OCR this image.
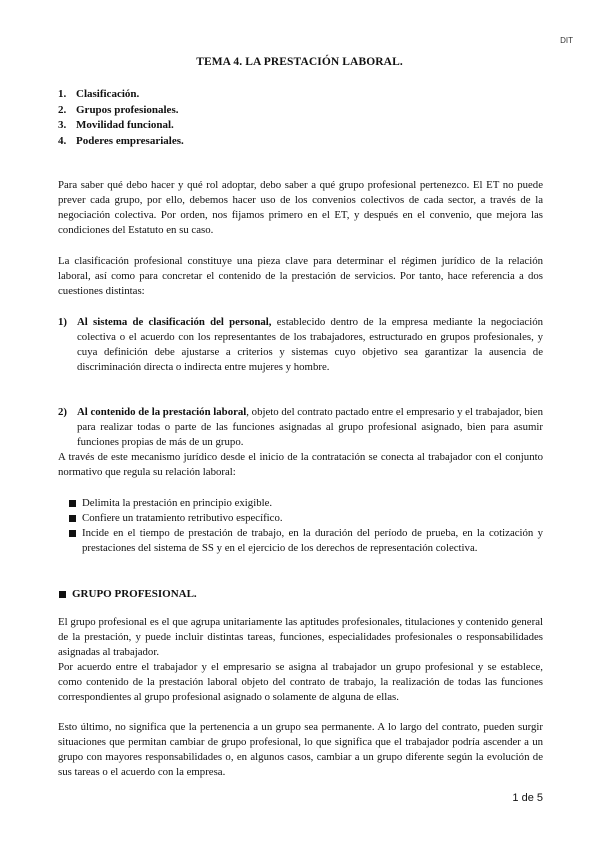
DIT
TEMA 4. LA PRESTACIÓN LABORAL.
1. Clasificación.
2. Grupos profesionales.
3. Movilidad funcional.
4. Poderes empresariales.

Para saber qué debo hacer y qué rol adoptar, debo saber a qué grupo profesional pertenezco. El ET no puede prever cada grupo, por ello, debemos hacer uso de los convenios colectivos de cada sector, a través de la negociación colectiva. Por orden, nos fijamos primero en el ET, y después en el convenio, que mejora las condiciones del Estatuto en su caso.

La clasificación profesional constituye una pieza clave para determinar el régimen jurídico de la relación laboral, así como para concretar el contenido de la prestación de servicios. Por tanto, hace referencia a dos cuestiones distintas:

1) Al sistema de clasificación del personal, establecido dentro de la empresa mediante la negociación colectiva o el acuerdo con los representantes de los trabajadores, estructurado en grupos profesionales, y cuya definición debe ajustarse a criterios y sistemas cuyo objetivo sea garantizar la ausencia de discriminación directa o indirecta entre mujeres y hombre.
2) Al contenido de la prestación laboral, objeto del contrato pactado entre el empresario y el trabajador, bien para realizar todas o parte de las funciones asignadas al grupo profesional asignado, bien para asumir funciones propias de más de un grupo.

A través de este mecanismo jurídico desde el inicio de la contratación se conecta al trabajador con el conjunto normativo que regula su relación laboral:

Delimita la prestación en principio exigible.
Confiere un tratamiento retributivo específico.
Incide en el tiempo de prestación de trabajo, en la duración del período de prueba, en la cotización y prestaciones del sistema de SS y en el ejercicio de los derechos de representación colectiva.
GRUPO PROFESIONAL.

El grupo profesional es el que agrupa unitariamente las aptitudes profesionales, titulaciones y contenido general de la prestación, y puede incluir distintas tareas, funciones, especialidades profesionales o responsabilidades asignadas al trabajador.

Por acuerdo entre el trabajador y el empresario se asigna al trabajador un grupo profesional y se establece, como contenido de la prestación laboral objeto del contrato de trabajo, la realización de todas las funciones correspondientes al grupo profesional asignado o solamente de alguna de ellas.

Esto último, no significa que la pertenencia a un grupo sea permanente. A lo largo del contrato, pueden surgir situaciones que permitan cambiar de grupo profesional, lo que significa que el trabajador podría ascender a un grupo con mayores responsabilidades o, en algunos casos, cambiar a un grupo diferente según la evolución de sus tareas o el acuerdo con la empresa.

1 de 5
